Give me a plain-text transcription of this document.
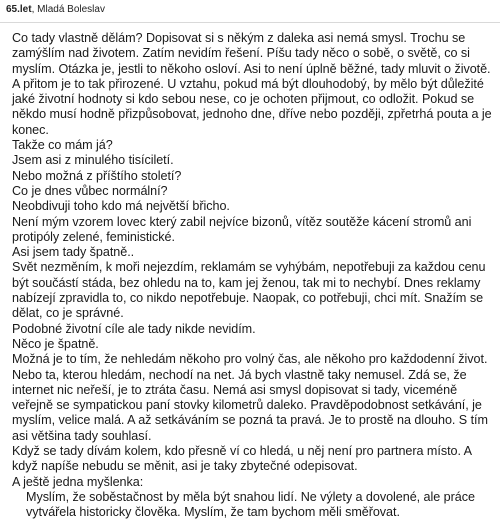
65.let, Mladá Boleslav

Co tady vlastně dělám? Dopisovat si s někým z daleka asi nemá smysl. Trochu se zamýšlím nad životem. Zatím nevidím řešení. Píšu tady něco o sobě, o světě, co si myslím. Otázka je, jestli to někoho osloví. Asi to není úplně běžné, tady mluvit o životě. A přitom je to tak přirozené. U vztahu, pokud má být dlouhodobý, by mělo být důležité jaké životní hodnoty si kdo sebou nese, co je ochoten přijmout, co odložit. Pokud se někdo musí hodně přizpůsobovat, jednoho dne, dříve nebo později, zpřetrhá pouta a je konec.

Takže co mám já?

Jsem asi z minulého tisíciletí.

Nebo možná z příštího století?

Co je dnes vůbec normální?

Neobdivuji toho kdo má největší břicho.

Není mým vzorem lovec který zabil nejvíce bizonů, vítěz soutěže kácení stromů ani protipóly zelené, feministické.

Asi jsem tady špatně..

Svět nezměním, k moři nejezdím, reklamám se vyhýbám, nepotřebuji za každou cenu být součástí stáda, bez ohledu na to, kam jej ženou, tak mi to nechybí. Dnes reklamy nabízejí zpravidla to, co nikdo nepotřebuje. Naopak, co potřebuji, chci mít. Snažím se dělat, co je správné.

Podobné životní cíle ale tady nikde nevidím.

Něco je špatně.

Možná je to tím, že nehledám někoho pro volný čas, ale někoho pro každodenní život. Nebo ta, kterou hledám, nechodí na net. Já bych vlastně taky nemusel. Zdá se, že internet nic neřeší, je to ztráta času. Nemá asi smysl dopisovat si tady, viceméně veřejně se sympatickou paní stovky kilometrů daleko. Pravděpodobnost setkávání, je myslím, velice malá. A až setkáváním se pozná ta pravá. Je to prostě na dlouho. S tím asi většina tady souhlasí.

Když se tady dívám kolem, kdo přesně ví co hledá, u něj není pro partnera místo. A když napíše nebudu se měnit, asi je taky zbytečné odepisovat.

A ještě jedna myšlenka:

Myslím, že soběstačnost by měla být snahou lidí. Ne výlety a dovolené, ale práce vytvářela historicky člověka. Myslím, že tam bychom měli směřovat.
